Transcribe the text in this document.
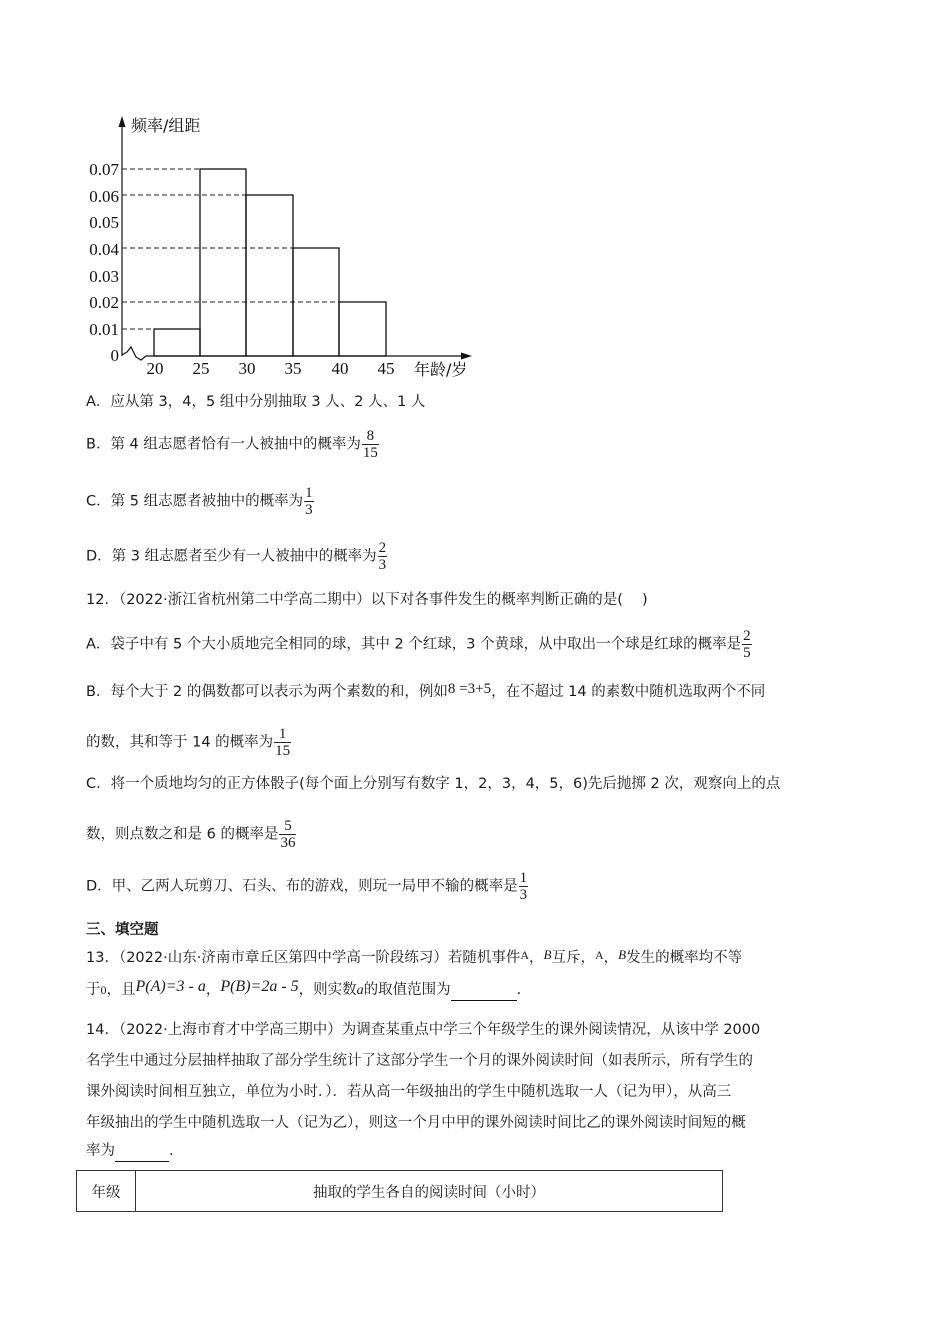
0.07
0.06
0.05
0.04
0.03
0.02
0.01
0
20 25 30 35 40 45
频率/组距
年龄/岁
A．应从第 3，4，5 组中分别抽取 3 人、2 人、1 人
B．第 4 组志愿者恰有一人被抽中的概率为 $\frac{8}{15}$
C．第 5 组志愿者被抽中的概率为 $\frac{1}{3}$
D．第 3 组志愿者至少有一人被抽中的概率为 $\frac{2}{3}$
12．（2022·浙江省杭州第二中学高二期中）以下对各事件发生的概率判断正确的是(　 )
A．袋子中有 5 个大小质地完全相同的球，其中 2 个红球，3 个黄球，从中取出一个球是红球的概率是 $\frac{2}{5}$
B．每个大于 2 的偶数都可以表示为两个素数的和，例如8 =3+5，在不超过 14 的素数中随机选取两个不同
的数，其和等于 14 的概率为 $\frac{1}{15}$
C．将一个质地均匀的正方体骰子(每个面上分别写有数字 1，2，3，4，5，6)先后抛掷 2 次，观察向上的点
数，则点数之和是 6 的概率是 $\frac{5}{36}$
D．甲、乙两人玩剪刀、石头、布的游戏，则玩一局甲不输的概率是 $\frac{1}{3}$
三、填空题
13．（2022·山东·济南市章丘区第四中学高一阶段练习）若随机事件$^A$，B互斥，$^A$，B发生的概率均不等
于0，且P(A)=3 - a，P(B)=2a - 5，则实数a的取值范围为	.
14．（2022·上海市育才中学高三期中）为调查某重点中学三个年级学生的课外阅读情况，从该中学 2000
名学生中通过分层抽样抽取了部分学生统计了这部分学生一个月的课外阅读时间（如表所示，所有学生的
课外阅读时间相互独立，单位为小时．）．若从高一年级抽出的学生中随机选取一人（记为甲），从高三
年级抽出的学生中随机选取一人（记为乙），则这一个月中甲的课外阅读时间比乙的课外阅读时间短的概
率为	.
年级	抽取的学生各自的阅读时间（小时）
